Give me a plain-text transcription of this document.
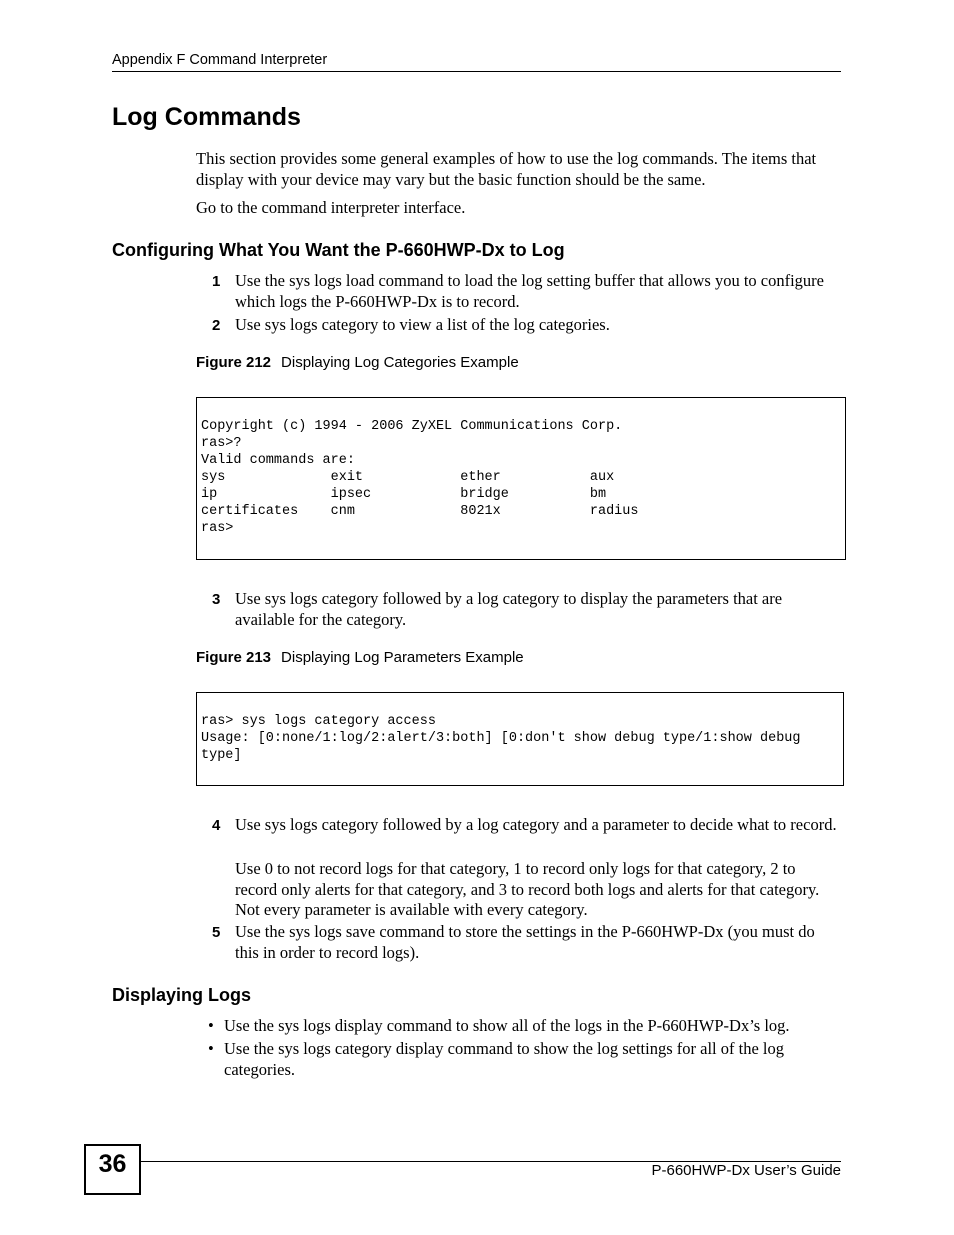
Appendix F Command Interpreter
Log Commands
This section provides some general examples of how to use the log commands. The items that display with your device may vary but the basic function should be the same.
Go to the command interpreter interface.
Configuring What You Want the P-660HWP-Dx to Log
1 Use the sys logs load command to load the log setting buffer that allows you to configure which logs the P-660HWP-Dx is to record.
2 Use sys logs category to view a list of the log categories.
Figure 212 Displaying Log Categories Example
Copyright (c) 1994 - 2006 ZyXEL Communications Corp.
ras>?
Valid commands are:
sys             exit            ether           aux
ip              ipsec           bridge          bm
certificates    cnm             8021x           radius
ras>
3 Use sys logs category followed by a log category to display the parameters that are available for the category.
Figure 213 Displaying Log Parameters Example
ras> sys logs category access
Usage: [0:none/1:log/2:alert/3:both] [0:don't show debug type/1:show debug
type]
4 Use sys logs category followed by a log category and a parameter to decide what to record.
Use 0 to not record logs for that category, 1 to record only logs for that category, 2 to record only alerts for that category, and 3 to record both logs and alerts for that category. Not every parameter is available with every category.
5 Use the sys logs save command to store the settings in the P-660HWP-Dx (you must do this in order to record logs).
Displaying Logs
• Use the sys logs display command to show all of the logs in the P-660HWP-Dx’s log.
• Use the sys logs category display command to show the log settings for all of the log categories.
36	P-660HWP-Dx User’s Guide
